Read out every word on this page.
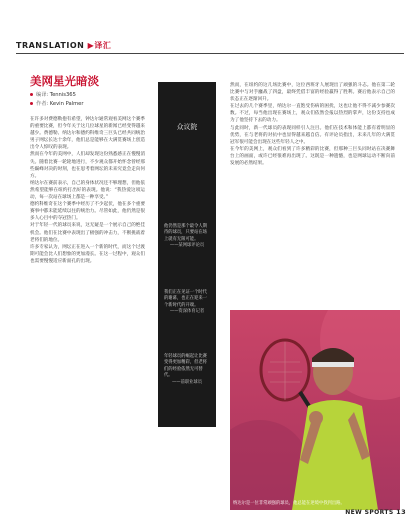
TRANSLATION ▶译汇
美网星光暗淡
编译: Tennis365
作者: Kevin Palmer

在许多对费德勒抱有希望，钟达尔通常观看美网这个赛季的重要比赛，但今年关于这几位球星的新闻已经变得越来越少。费德勒、纳达尔和德约科维奇三巨头已经共同统治男子网坛长达十余年，他们总是能够在大满贯赛场上创造出令人惊叹的表现。

然而在今年的美网中，人们却发现这份熟悉感正在慢慢消失。随着比赛一轮轮地进行，不少观众都开始怀念曾经那些巅峰对决的时刻，也在思考着网坛的未来究竟会走向何方。

纳达尔在赛前表示，自己的身体状况还不够理想，但他依然希望能够在纽约打出好的表现。他说：“我热爱这项运动，每一次站在球场上都是一种享受。”

德约科维奇在这个赛季中经历了不少起伏，他在多个重要赛事中都未能延续以往的统治力。尽管如此，他仍然是很多人心目中的夺冠热门。

对于年轻一代的球员来说，这无疑是一个展示自己的绝佳机会。他们在比赛中表现出了极强的冲击力，不断挑战着老将们的地位。

许多专家认为，网坛正在进入一个新的时代，而这个过渡期可能会比人们想象的更加漫长。在这一过程中，观众们也需要慢慢适应新面孔的出现。

众议院
他仍然是那个最令人期待的球员，只要站在场上就有无限可能。
——某网球评论员
我们正在见证一个时代的谢幕，也正在迎来一个新时代的开端。
——资深体育记者
年轻球员的崛起让比赛变得更加精彩，但老将们的经验依然无可替代。
——前职业球员

然而，在纽约的这几场比赛中，这位西班牙人展现出了顽强的斗志。他在第二轮比赛中与对手鏖战了四盘，最终凭借丰富的经验赢得了胜利。赛后他表示自己的状态正在逐渐回升。

在过去的几个赛季里，纳达尔一直饱受伤病的困扰，这也让他不得不减少参赛次数。不过，每当他出现在赛场上，观众们依然会报以热烈的掌声，这份支持也成为了他坚持下去的动力。

与此同时，新一代球员的表现同样引人注目。他们在技术和体能上都有着明显的优势，在与老将的对抗中也显得越来越自信。有评论员指出，未来几年的大满贯冠军很可能会出现在这些年轻人之中。

在今年的美网上，观众们看到了许多精彩的比赛，但那种三巨头同时站在决赛舞台上的画面，或许已经很难再出现了。这既是一种遗憾，也是网球运动不断向前发展的必然结果。

纳达尔是一位非常顽强的球员，他总能在逆境中找到出路。
NEW SPORTS 13
